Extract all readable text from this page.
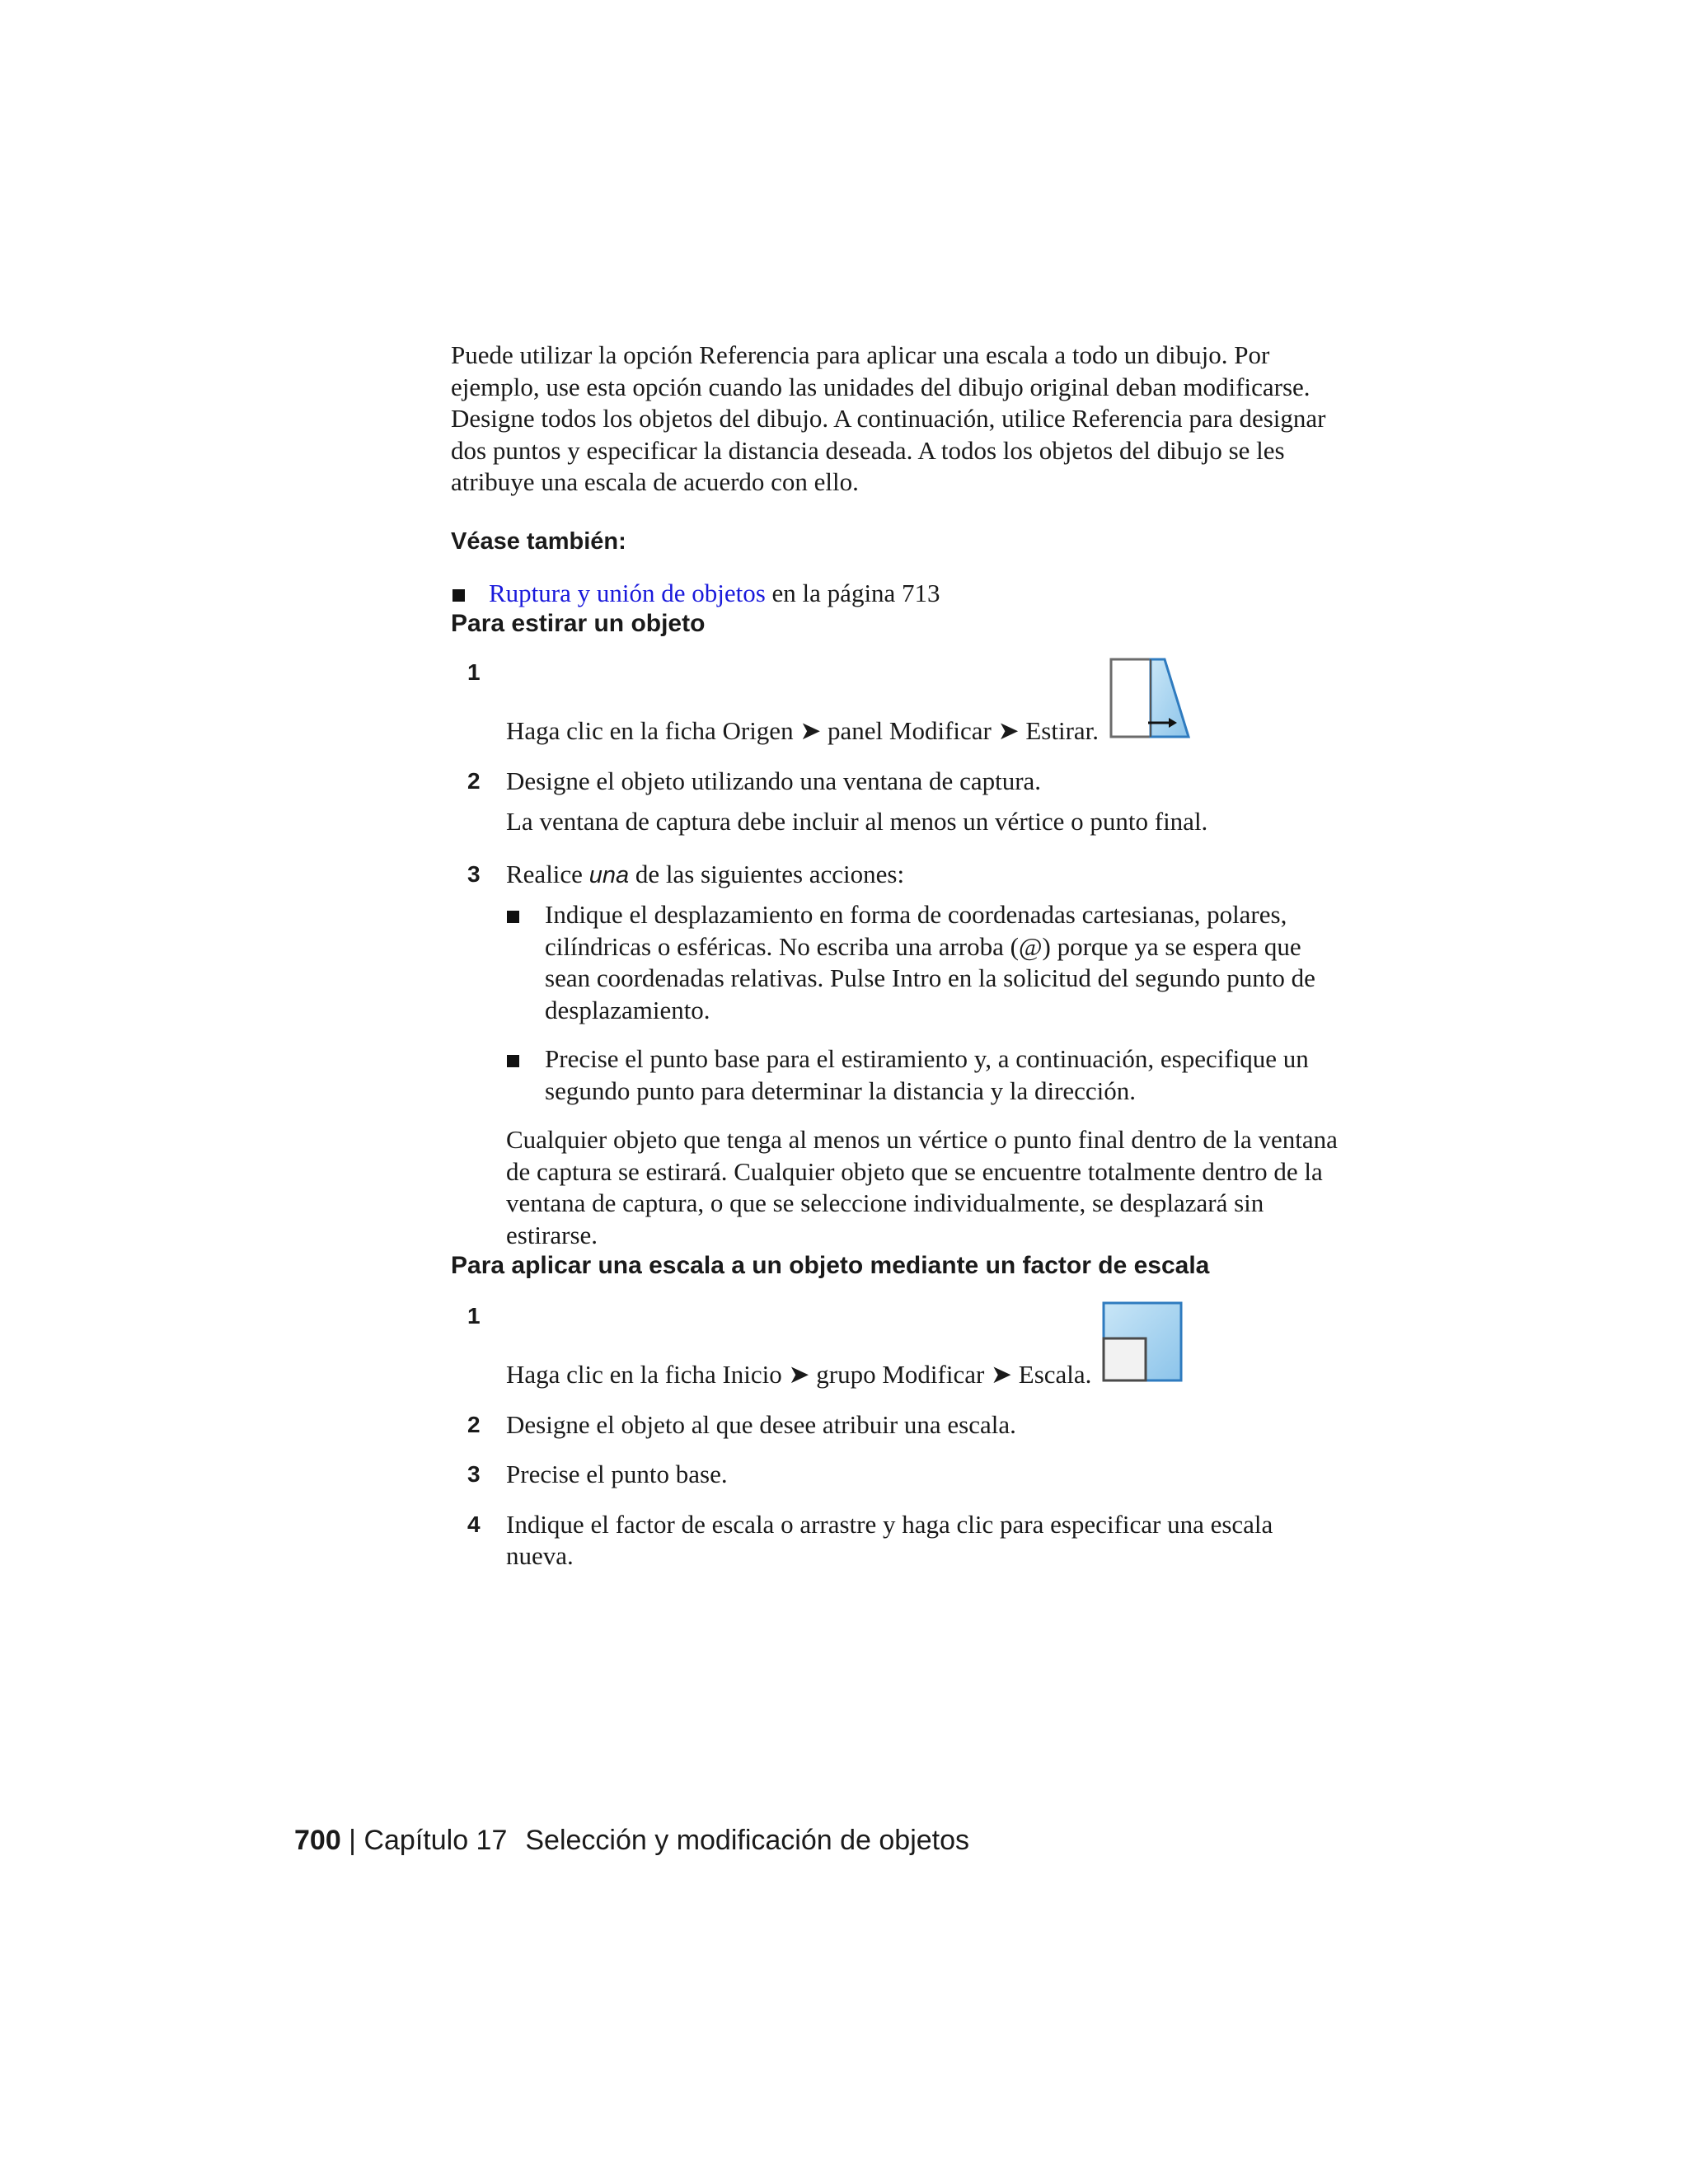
Puede utilizar la opción Referencia para aplicar una escala a todo un dibujo. Por ejemplo, use esta opción cuando las unidades del dibujo original deban modificarse. Designe todos los objetos del dibujo. A continuación, utilice Referencia para designar dos puntos y especificar la distancia deseada. A todos los objetos del dibujo se les atribuye una escala de acuerdo con ello.

Véase también:

Ruptura y unión de objetos en la página 713
Para estirar un objeto
1
Haga clic en la ficha Origen ➤ panel Modificar ➤ Estirar.
2 Designe el objeto utilizando una ventana de captura.
La ventana de captura debe incluir al menos un vértice o punto final.
3 Realice una de las siguientes acciones:
Indique el desplazamiento en forma de coordenadas cartesianas, polares, cilíndricas o esféricas. No escriba una arroba (@) porque ya se espera que sean coordenadas relativas. Pulse Intro en la solicitud del segundo punto de desplazamiento.
Precise el punto base para el estiramiento y, a continuación, especifique un segundo punto para determinar la distancia y la dirección.
Cualquier objeto que tenga al menos un vértice o punto final dentro de la ventana de captura se estirará. Cualquier objeto que se encuentre totalmente dentro de la ventana de captura, o que se seleccione individualmente, se desplazará sin estirarse.
Para aplicar una escala a un objeto mediante un factor de escala
1
Haga clic en la ficha Inicio ➤ grupo Modificar ➤ Escala.
2 Designe el objeto al que desee atribuir una escala.
3 Precise el punto base.
4 Indique el factor de escala o arrastre y haga clic para especificar una escala nueva.
700 | Capítulo 17 Selección y modificación de objetos
